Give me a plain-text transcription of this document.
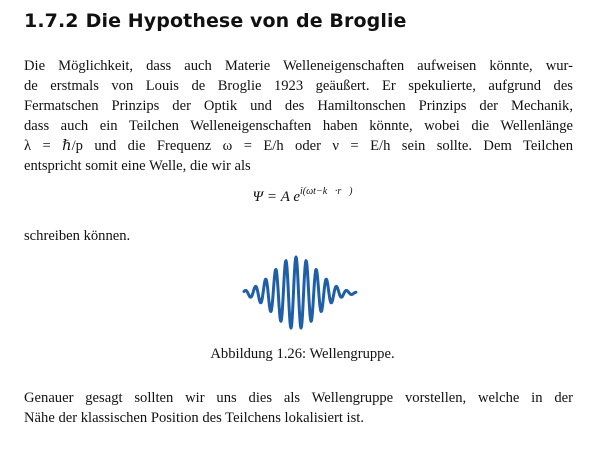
1.7.2 Die Hypothese von de Broglie
Die Möglichkeit, dass auch Materie Welleneigenschaften aufweisen könnte, wur-
de erstmals von Louis de Broglie 1923 geäußert. Er spekulierte, aufgrund des
Fermatschen Prinzips der Optik und des Hamiltonschen Prinzips der Mechanik,
dass auch ein Teilchen Welleneigenschaften haben könnte, wobei die Wellenlänge
λ = ℏ/p und die Frequenz ω = E/h oder ν = E/h sein sollte. Dem Teilchen
entspricht somit eine Welle, die wir als
Ψ = A $e^{i(\omega t-k⃗\cdot r⃗)}$
schreiben können.
Abbildung 1.26: Wellengruppe.
Genauer gesagt sollten wir uns dies als Wellengruppe vorstellen, welche in der
Nähe der klassischen Position des Teilchens lokalisiert ist.
